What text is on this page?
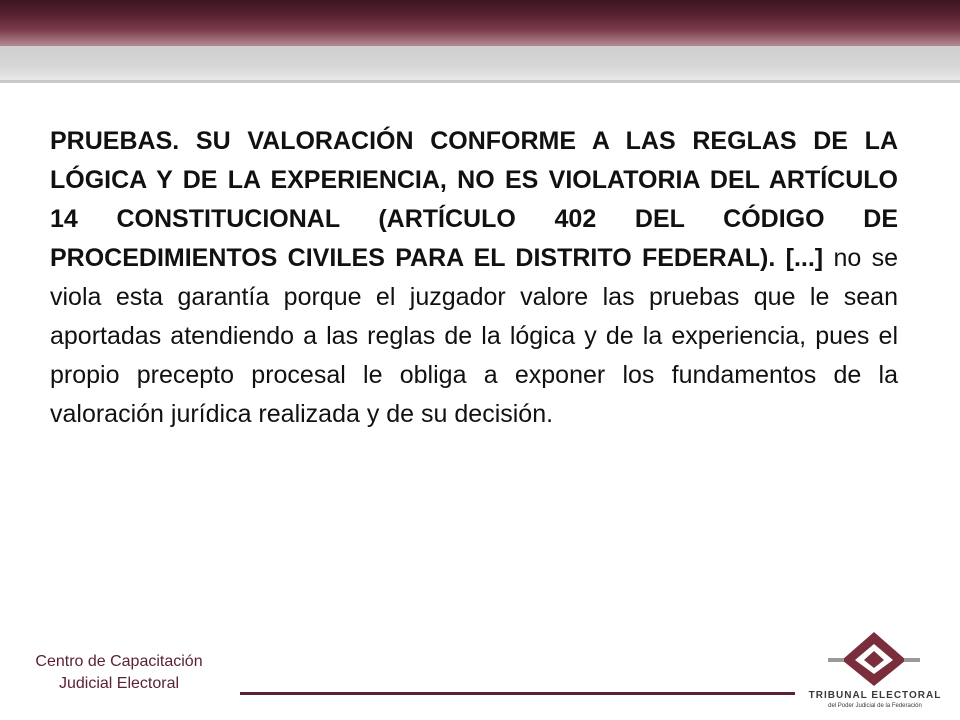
PRUEBAS. SU VALORACIÓN CONFORME A LAS REGLAS DE LA LÓGICA Y DE LA EXPERIENCIA, NO ES VIOLATORIA DEL ARTÍCULO 14 CONSTITUCIONAL (ARTÍCULO 402 DEL CÓDIGO DE PROCEDIMIENTOS CIVILES PARA EL DISTRITO FEDERAL). [...] no se viola esta garantía porque el juzgador valore las pruebas que le sean aportadas atendiendo a las reglas de la lógica y de la experiencia, pues el propio precepto procesal le obliga a exponer los fundamentos de la valoración jurídica realizada y de su decisión.

Centro de Capacitación
Judicial Electoral
TRIBUNAL ELECTORAL
del Poder Judicial de la Federación
